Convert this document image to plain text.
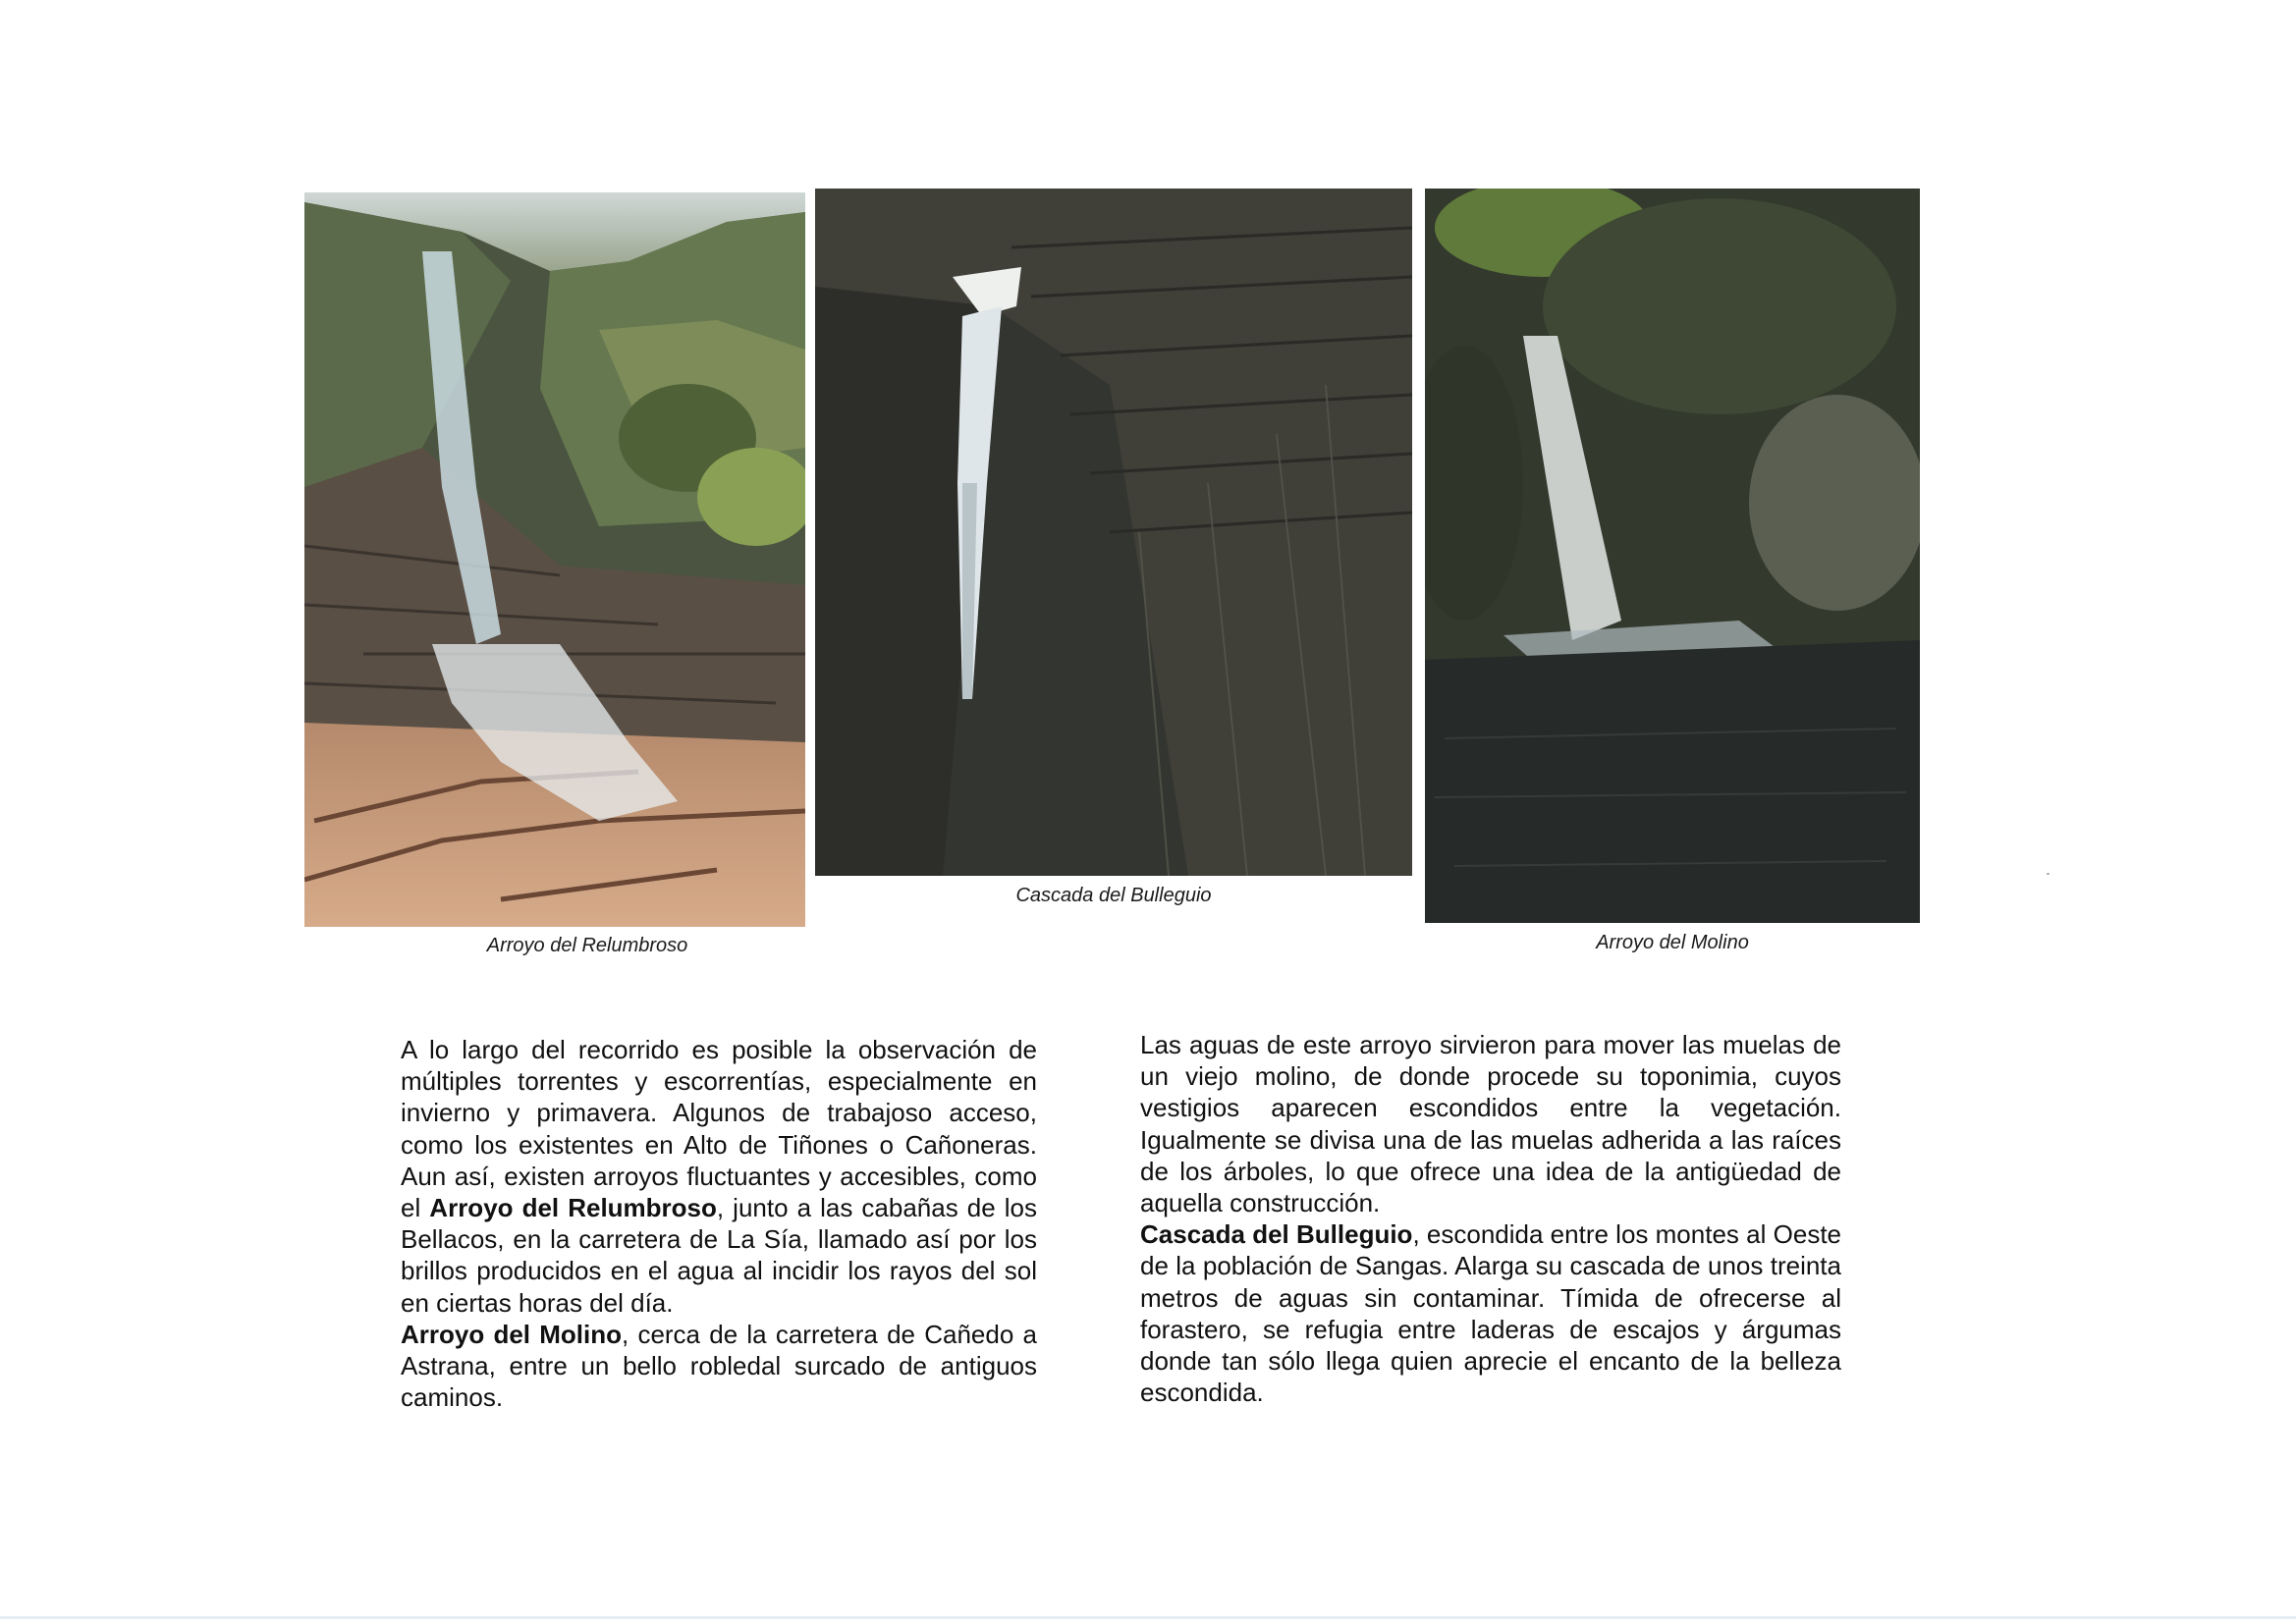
Arroyo del Relumbroso
Cascada del Bulleguio
Arroyo del Molino

A lo largo del recorrido es posible la observación de múltiples torrentes y escorrentías, especialmente en invierno y primavera. Algunos de trabajoso acceso, como los existentes en Alto de Tiñones o Cañoneras. Aun así, existen arroyos fluctuantes y accesibles, como el Arroyo del Relumbroso, junto a las cabañas de los Bellacos, en la carretera de La Sía, llamado así por los brillos producidos en el agua al incidir los rayos del sol en ciertas horas del día.

Arroyo del Molino, cerca de la carretera de Cañedo a Astrana, entre un bello robledal surcado de antiguos caminos.

Las aguas de este arroyo sirvieron para mover las muelas de un viejo molino, de donde procede su toponimia, cuyos vestigios aparecen escondidos entre la vegetación. Igualmente se divisa una de las muelas adherida a las raíces de los árboles, lo que ofrece una idea de la antigüedad de aquella construcción.

Cascada del Bulleguio, escondida entre los montes al Oeste de la población de Sangas. Alarga su cascada de unos treinta metros de aguas sin contaminar. Tímida de ofrecerse al forastero, se refugia entre laderas de escajos y árgumas donde tan sólo llega quien aprecie el encanto de la belleza escondida.
